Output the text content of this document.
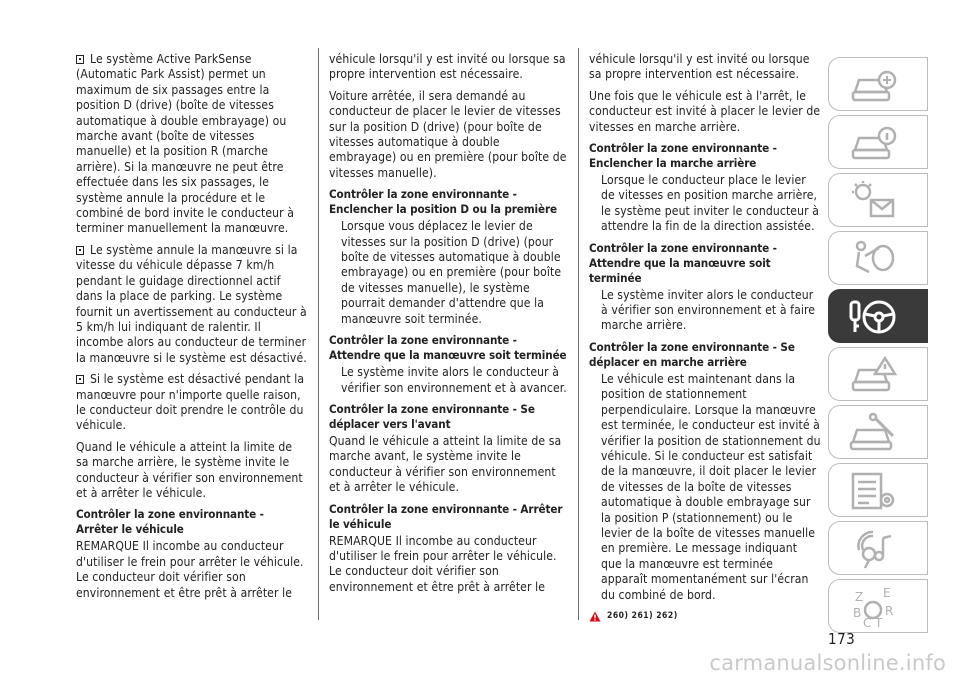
Le système Active ParkSense (Automatic Park Assist) permet un maximum de six passages entre la position D (drive) (boîte de vitesses automatique à double embrayage) ou marche avant (boîte de vitesses manuelle) et la position R (marche arrière). Si la manœuvre ne peut être effectuée dans les six passages, le système annule la procédure et le combiné de bord invite le conducteur à terminer manuellement la manœuvre.

Le système annule la manœuvre si la vitesse du véhicule dépasse 7 km/h pendant le guidage directionnel actif dans la place de parking. Le système fournit un avertissement au conducteur à 5 km/h lui indiquant de ralentir. Il incombe alors au conducteur de terminer la manœuvre si le système est désactivé.

Si le système est désactivé pendant la manœuvre pour n'importe quelle raison, le conducteur doit prendre le contrôle du véhicule.

Quand le véhicule a atteint la limite de sa marche arrière, le système invite le conducteur à vérifier son environnement et à arrêter le véhicule.

Contrôler la zone environnante - Arrêter le véhicule

REMARQUE Il incombe au conducteur d'utiliser le frein pour arrêter le véhicule. Le conducteur doit vérifier son environnement et être prêt à arrêter le

véhicule lorsqu'il y est invité ou lorsque sa propre intervention est nécessaire.

Voiture arrêtée, il sera demandé au conducteur de placer le levier de vitesses sur la position D (drive) (pour boîte de vitesses automatique à double embrayage) ou en première (pour boîte de vitesses manuelle).

Contrôler la zone environnante - Enclencher la position D ou la première

Lorsque vous déplacez le levier de vitesses sur la position D (drive) (pour boîte de vitesses automatique à double embrayage) ou en première (pour boîte de vitesses manuelle), le système pourrait demander d'attendre que la manœuvre soit terminée.

Contrôler la zone environnante - Attendre que la manœuvre soit terminée

Le système invite alors le conducteur à vérifier son environnement et à avancer.

Contrôler la zone environnante - Se déplacer vers l'avant

Quand le véhicule a atteint la limite de sa marche avant, le système invite le conducteur à vérifier son environnement et à arrêter le véhicule.

Contrôler la zone environnante - Arrêter le véhicule

REMARQUE Il incombe au conducteur d'utiliser le frein pour arrêter le véhicule. Le conducteur doit vérifier son environnement et être prêt à arrêter le

véhicule lorsqu'il y est invité ou lorsque sa propre intervention est nécessaire.

Une fois que le véhicule est à l'arrêt, le conducteur est invité à placer le levier de vitesses en marche arrière.

Contrôler la zone environnante - Enclencher la marche arrière

Lorsque le conducteur place le levier de vitesses en position marche arrière, le système peut inviter le conducteur à attendre la fin de la direction assistée.

Contrôler la zone environnante - Attendre que la manœuvre soit terminée

Le système inviter alors le conducteur à vérifier son environnement et à faire marche arrière.

Contrôler la zone environnante - Se déplacer en marche arrière

Le véhicule est maintenant dans la position de stationnement perpendiculaire. Lorsque la manœuvre est terminée, le conducteur est invité à vérifier la position de stationnement du véhicule. Si le conducteur est satisfait de la manœuvre, il doit placer le levier de vitesses de la boîte de vitesses automatique à double embrayage sur la position P (stationnement) ou le levier de la boîte de vitesses manuelle en première. Le message indiquant que la manœuvre est terminée apparaît momentanément sur l'écran du combiné de bord.

260) 261) 262)
Z E
B R
C T
173
carmanualsonline.info
